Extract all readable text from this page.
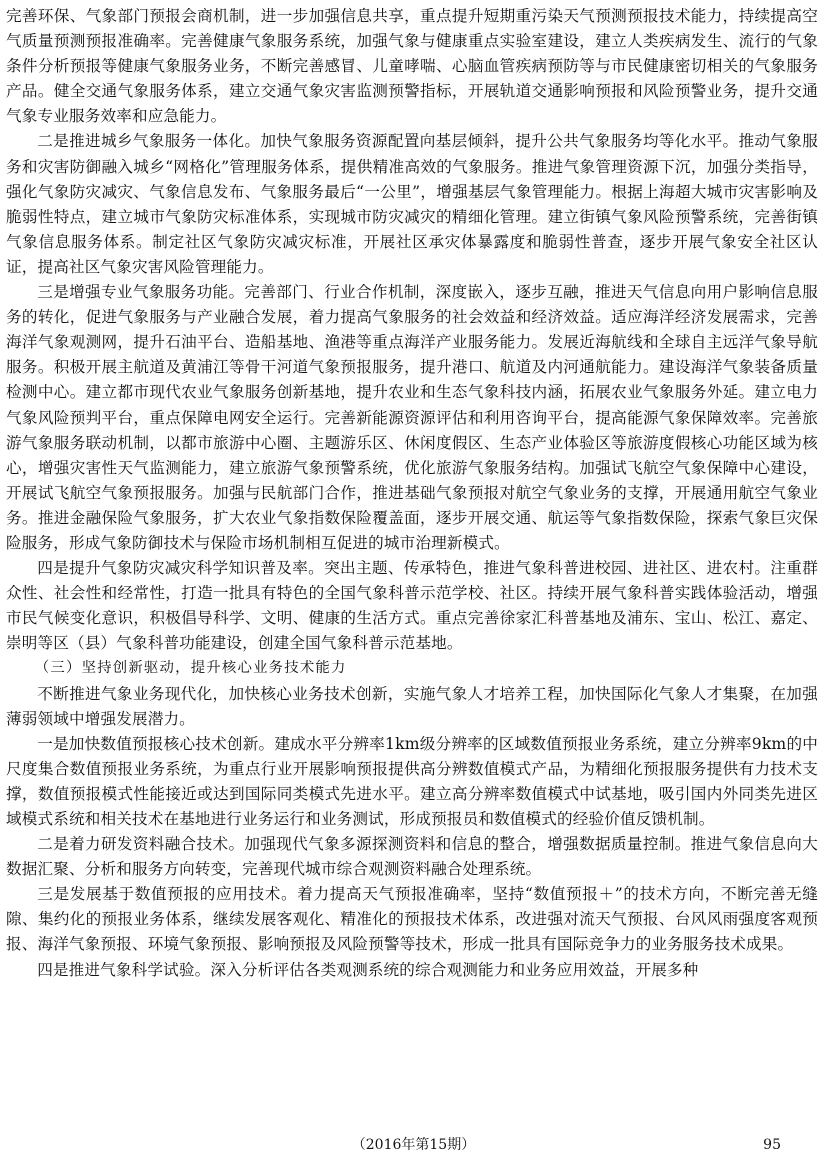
完善环保、气象部门预报会商机制，进一步加强信息共享，重点提升短期重污染天气预测预报技术能力，持续提高空气质量预测预报准确率。完善健康气象服务系统，加强气象与健康重点实验室建设，建立人类疾病发生、流行的气象条件分析预报等健康气象服务业务，不断完善感冒、儿童哮喘、心脑血管疾病预防等与市民健康密切相关的气象服务产品。健全交通气象服务体系，建立交通气象灾害监测预警指标，开展轨道交通影响预报和风险预警业务，提升交通气象专业服务效率和应急能力。

二是推进城乡气象服务一体化。加快气象服务资源配置向基层倾斜，提升公共气象服务均等化水平。推动气象服务和灾害防御融入城乡“网格化”管理服务体系，提供精准高效的气象服务。推进气象管理资源下沉，加强分类指导，强化气象防灾减灾、气象信息发布、气象服务最后“一公里”，增强基层气象管理能力。根据上海超大城市灾害影响及脆弱性特点，建立城市气象防灾标准体系，实现城市防灾减灾的精细化管理。建立街镇气象风险预警系统，完善街镇气象信息服务体系。制定社区气象防灾减灾标准，开展社区承灾体暴露度和脆弱性普查，逐步开展气象安全社区认证，提高社区气象灾害风险管理能力。

三是增强专业气象服务功能。完善部门、行业合作机制，深度嵌入，逐步互融，推进天气信息向用户影响信息服务的转化，促进气象服务与产业融合发展，着力提高气象服务的社会效益和经济效益。适应海洋经济发展需求，完善海洋气象观测网，提升石油平台、造船基地、渔港等重点海洋产业服务能力。发展近海航线和全球自主远洋气象导航服务。积极开展主航道及黄浦江等骨干河道气象预报服务，提升港口、航道及内河通航能力。建设海洋气象装备质量检测中心。建立都市现代农业气象服务创新基地，提升农业和生态气象科技内涵，拓展农业气象服务外延。建立电力气象风险预判平台，重点保障电网安全运行。完善新能源资源评估和利用咨询平台，提高能源气象保障效率。完善旅游气象服务联动机制，以都市旅游中心圈、主题游乐区、休闲度假区、生态产业体验区等旅游度假核心功能区域为核心，增强灾害性天气监测能力，建立旅游气象预警系统，优化旅游气象服务结构。加强试飞航空气象保障中心建设，开展试飞航空气象预报服务。加强与民航部门合作，推进基础气象预报对航空气象业务的支撑，开展通用航空气象业务。推进金融保险气象服务，扩大农业气象指数保险覆盖面，逐步开展交通、航运等气象指数保险，探索气象巨灾保险服务，形成气象防御技术与保险市场机制相互促进的城市治理新模式。

四是提升气象防灾减灾科学知识普及率。突出主题、传承特色，推进气象科普进校园、进社区、进农村。注重群众性、社会性和经常性，打造一批具有特色的全国气象科普示范学校、社区。持续开展气象科普实践体验活动，增强市民气候变化意识，积极倡导科学、文明、健康的生活方式。重点完善徐家汇科普基地及浦东、宝山、松江、嘉定、崇明等区（县）气象科普功能建设，创建全国气象科普示范基地。

（三）坚持创新驱动，提升核心业务技术能力

不断推进气象业务现代化，加快核心业务技术创新，实施气象人才培养工程，加快国际化气象人才集聚，在加强薄弱领域中增强发展潜力。

一是加快数值预报核心技术创新。建成水平分辨率1km级分辨率的区域数值预报业务系统，建立分辨率9km的中尺度集合数值预报业务系统，为重点行业开展影响预报提供高分辨数值模式产品，为精细化预报服务提供有力技术支撑，数值预报模式性能接近或达到国际同类模式先进水平。建立高分辨率数值模式中试基地，吸引国内外同类先进区域模式系统和相关技术在基地进行业务运行和业务测试，形成预报员和数值模式的经验价值反馈机制。

二是着力研发资料融合技术。加强现代气象多源探测资料和信息的整合，增强数据质量控制。推进气象信息向大数据汇聚、分析和服务方向转变，完善现代城市综合观测资料融合处理系统。

三是发展基于数值预报的应用技术。着力提高天气预报准确率，坚持“数值预报＋”的技术方向，不断完善无缝隙、集约化的预报业务体系，继续发展客观化、精准化的预报技术体系，改进强对流天气预报、台风风雨强度客观预报、海洋气象预报、环境气象预报、影响预报及风险预警等技术，形成一批具有国际竞争力的业务服务技术成果。

四是推进气象科学试验。深入分析评估各类观测系统的综合观测能力和业务应用效益，开展多种

（2016年第15期）	95
